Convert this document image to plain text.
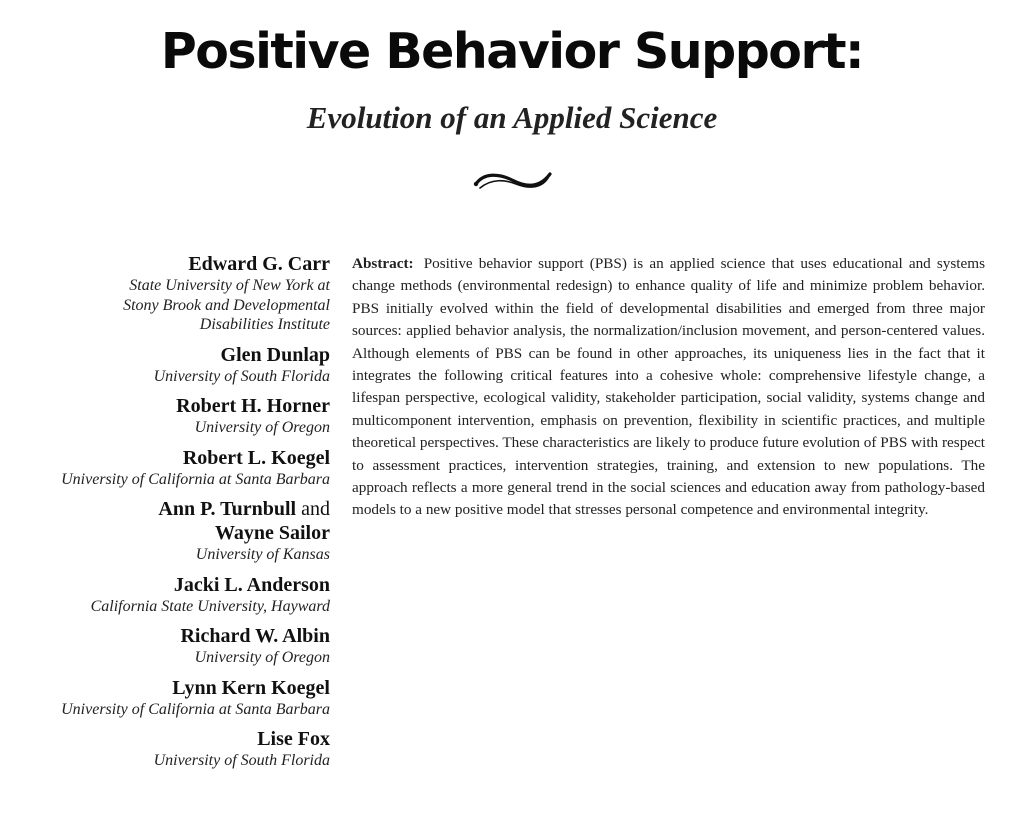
Positive Behavior Support:
Evolution of an Applied Science
Edward G. Carr
State University of New York at
Stony Brook and Developmental
Disabilities Institute
Glen Dunlap
University of South Florida
Robert H. Horner
University of Oregon
Robert L. Koegel
University of California at Santa Barbara
Ann P. Turnbull and
Wayne Sailor
University of Kansas
Jacki L. Anderson
California State University, Hayward
Richard W. Albin
University of Oregon
Lynn Kern Koegel
University of California at Santa Barbara
Lise Fox
University of South Florida

Abstract: Positive behavior support (PBS) is an applied science that uses educational and systems change methods (environmental redesign) to enhance quality of life and minimize problem behavior. PBS initially evolved within the field of developmental disabilities and emerged from three major sources: applied behavior analysis, the normalization/inclusion movement, and person-centered values. Although elements of PBS can be found in other approaches, its uniqueness lies in the fact that it integrates the following critical features into a cohesive whole: comprehensive lifestyle change, a lifespan perspective, ecological validity, stakeholder participation, social validity, systems change and multicomponent intervention, emphasis on prevention, flexibility in scientific practices, and multiple theoretical perspectives. These characteristics are likely to produce future evolution of PBS with respect to assessment practices, intervention strategies, training, and extension to new populations. The approach reflects a more general trend in the social sciences and education away from pathology-based models to a new positive model that stresses personal competence and environmental integrity.
